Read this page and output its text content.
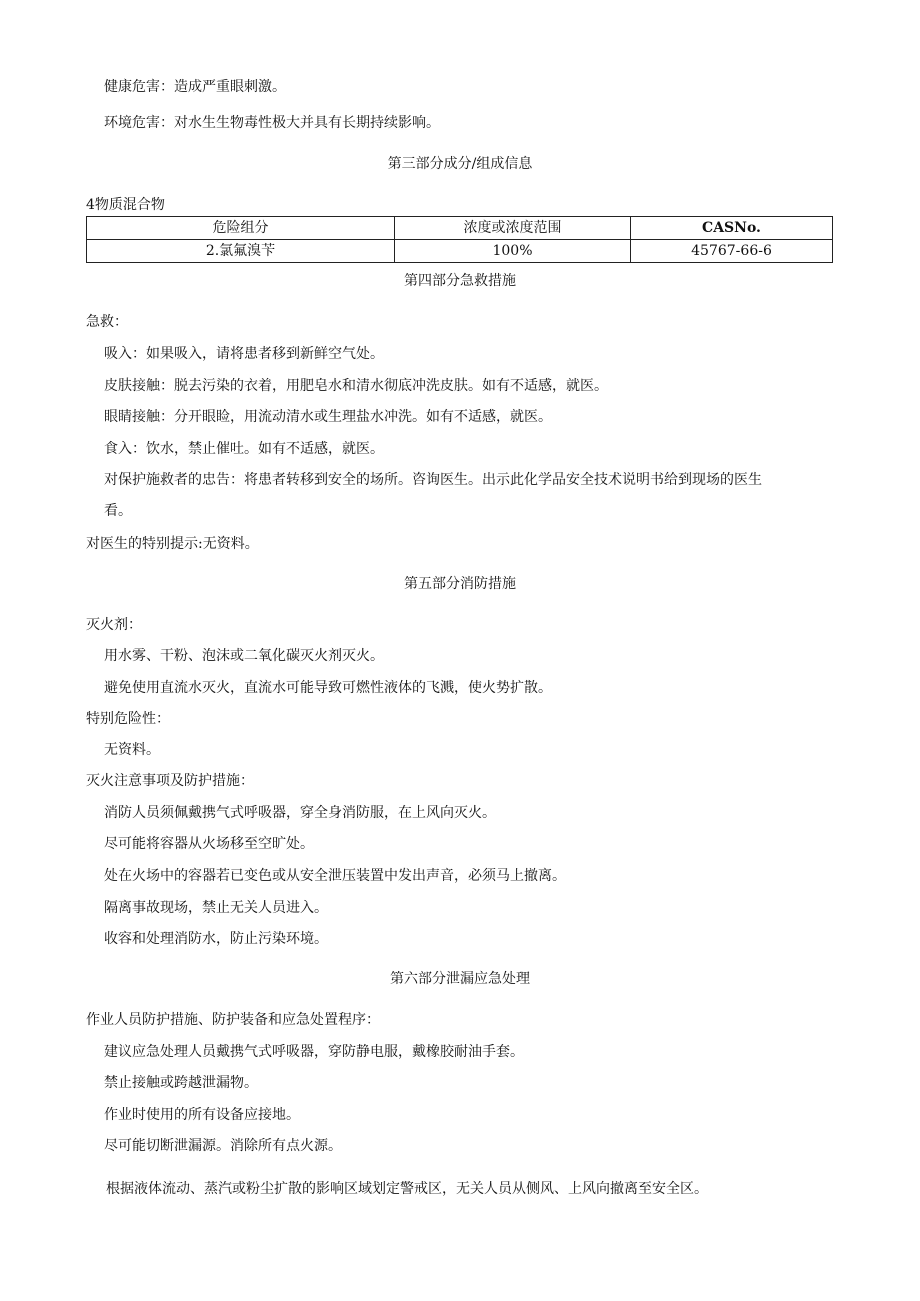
健康危害：造成严重眼刺激。
环境危害：对水生生物毒性极大并具有长期持续影响。
第三部分成分/组成信息
4物质混合物
危险组分	浓度或浓度范围	CASNo.
2.氯氟溴苄	100%	45767-66-6
第四部分急救措施
急救：
吸入：如果吸入，请将患者移到新鲜空气处。
皮肤接触：脱去污染的衣着，用肥皂水和清水彻底冲洗皮肤。如有不适感，就医。
眼睛接触：分开眼睑，用流动清水或生理盐水冲洗。如有不适感，就医。
食入：饮水，禁止催吐。如有不适感，就医。
对保护施救者的忠告：将患者转移到安全的场所。咨询医生。出示此化学品安全技术说明书给到现场的医生
看。
对医生的特别提示:无资料。
第五部分消防措施
灭火剂：
用水雾、干粉、泡沫或二氧化碳灭火剂灭火。
避免使用直流水灭火，直流水可能导致可燃性液体的飞溅，使火势扩散。
特别危险性：
无资料。
灭火注意事项及防护措施：
消防人员须佩戴携气式呼吸器，穿全身消防服，在上风向灭火。
尽可能将容器从火场移至空旷处。
处在火场中的容器若已变色或从安全泄压装置中发出声音，必须马上撤离。
隔离事故现场，禁止无关人员进入。
收容和处理消防水，防止污染环境。
第六部分泄漏应急处理
作业人员防护措施、防护装备和应急处置程序：
建议应急处理人员戴携气式呼吸器，穿防静电服，戴橡胶耐油手套。
禁止接触或跨越泄漏物。
作业时使用的所有设备应接地。
尽可能切断泄漏源。消除所有点火源。
根据液体流动、蒸汽或粉尘扩散的影响区域划定警戒区，无关人员从侧风、上风向撤离至安全区。
